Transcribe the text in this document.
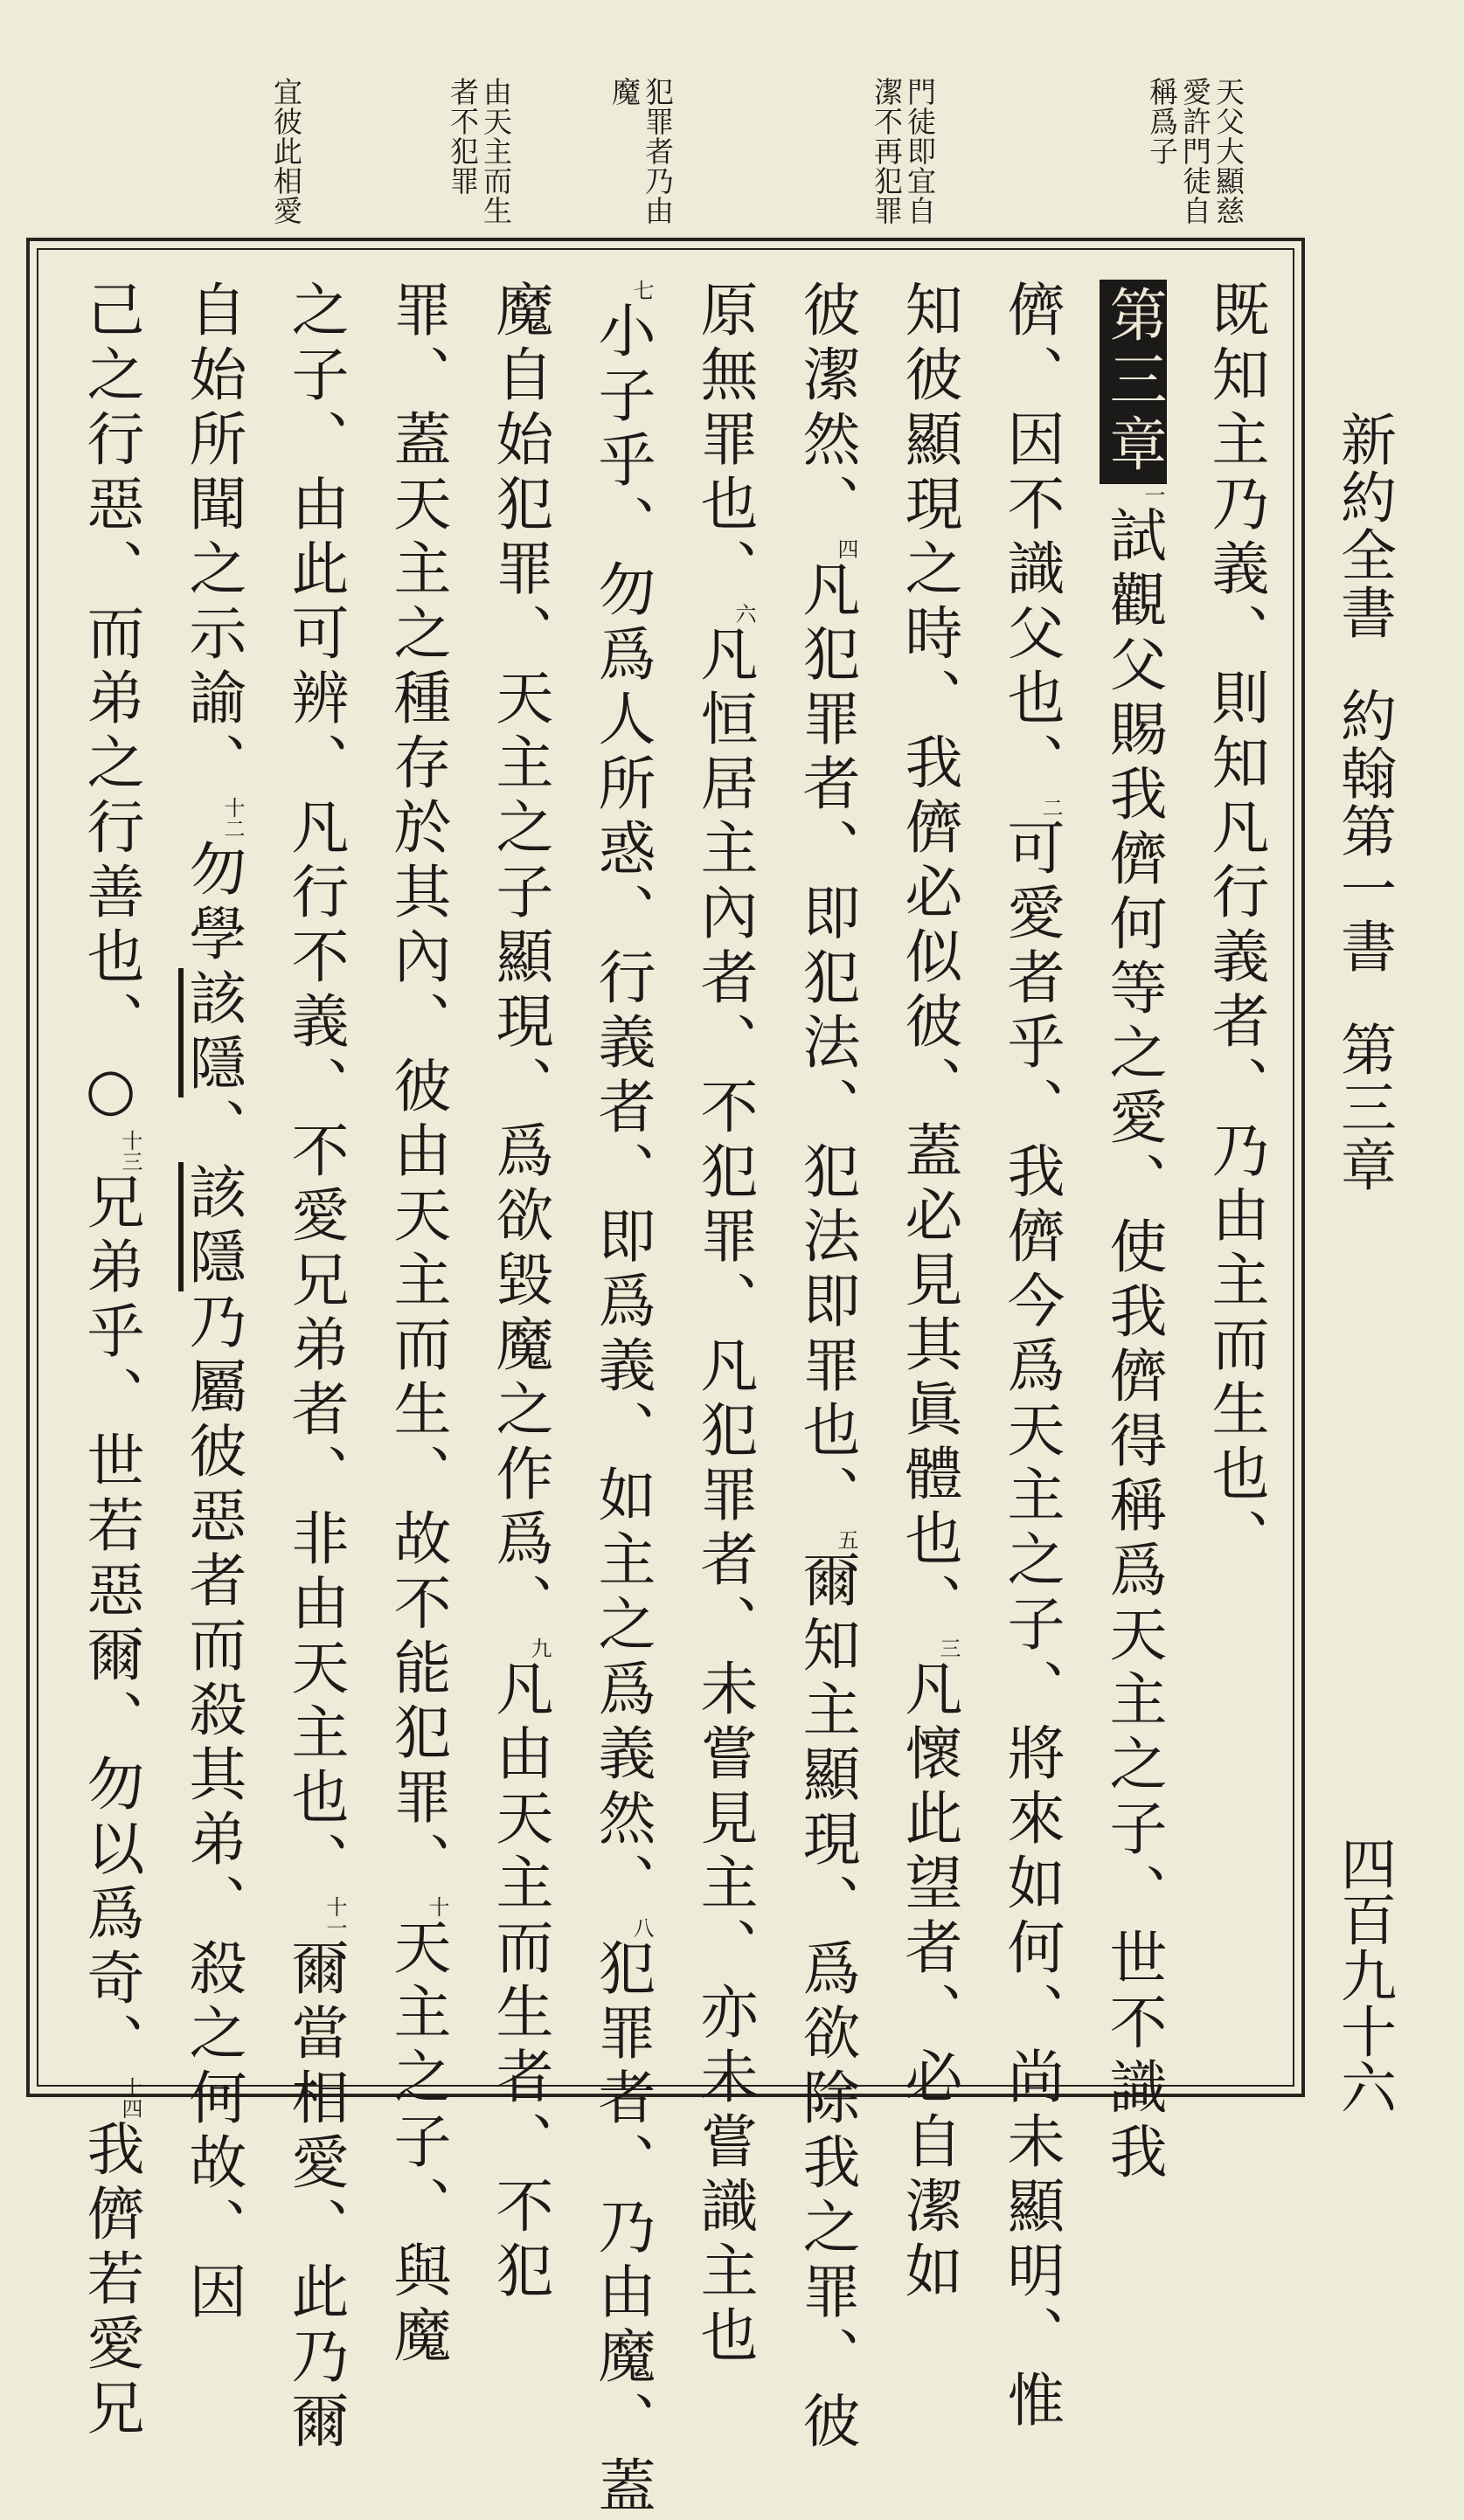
新約全書約翰第一書第三章
四百九十六
天父大顯慈愛許門徒自稱爲子
門徒即宜自潔不再犯罪
犯罪者乃由魔
由天主而生者不犯罪
宜彼此相愛
既知主乃義、則知凡行義者、乃由主而生也、
第三章$^一$試觀父賜我儕何等之愛、使我儕得稱爲天主之子、世不識我
儕、因不識父也、$^二$可愛者乎、我儕今爲天主之子、將來如何、尚未顯明、惟
知彼顯現之時、我儕必似彼、蓋必見其眞體也、$^三$凡懷此望者、必自潔如
彼潔然、$^四$凡犯罪者、即犯法、犯法即罪也、$^五$爾知主顯現、爲欲除我之罪、彼
原無罪也、$^六$凡恒居主內者、不犯罪、凡犯罪者、未嘗見主、亦未嘗識主也
$^七$小子乎、勿爲人所惑、行義者、即爲義、如主之爲義然、$^八$犯罪者、乃由魔、蓋
魔自始犯罪、天主之子顯現、爲欲毀魔之作爲、$^九$凡由天主而生者、不犯
罪、蓋天主之種存於其內、彼由天主而生、故不能犯罪、$^十$天主之子、與魔
之子、由此可辨、凡行不義、不愛兄弟者、非由天主也、$^{十一}$爾當相愛、此乃爾
自始所聞之示諭、$^{十二}$勿學該隱、該隱乃屬彼惡者而殺其弟、殺之何故、因
己之行惡、而弟之行善也、○$^{十三}$兄弟乎、世若惡爾、勿以爲奇、$^{十四}$我儕若愛兄
